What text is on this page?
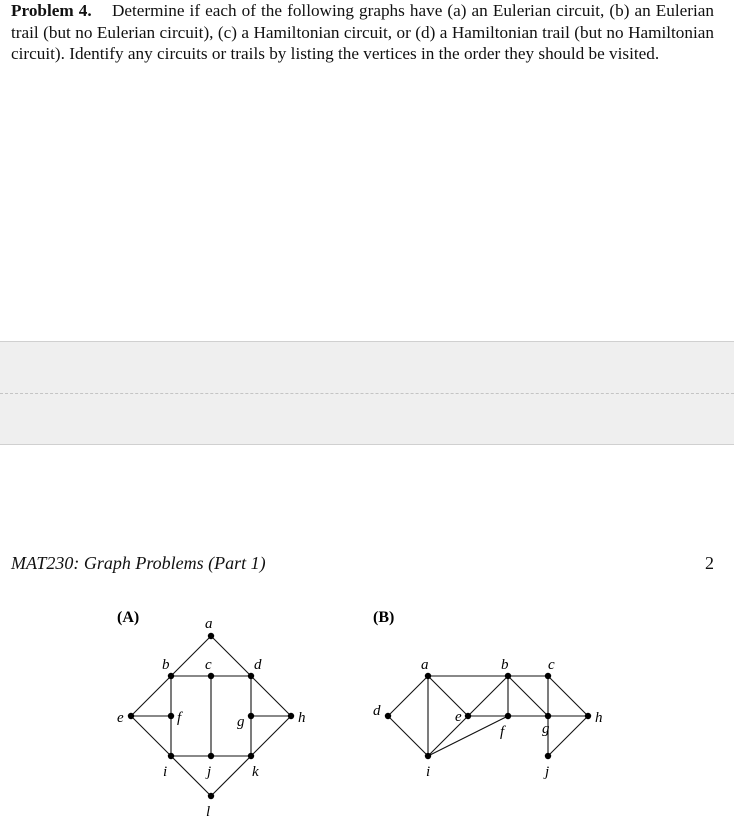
Problem 4. Determine if each of the following graphs have (a) an Eulerian circuit, (b) an Eulerian trail (but no Eulerian circuit), (c) a Hamiltonian circuit, or (d) a Hamiltonian trail (but no Hamiltonian circuit). Identify any circuits or trails by listing the vertices in the order they should be visited.
MAT230: Graph Problems (Part 1)	2
(A)	a
b c	d
e	f	g	h
i	j	k
l
(B)
a	b	c
d	e
f	g
h
i	j
